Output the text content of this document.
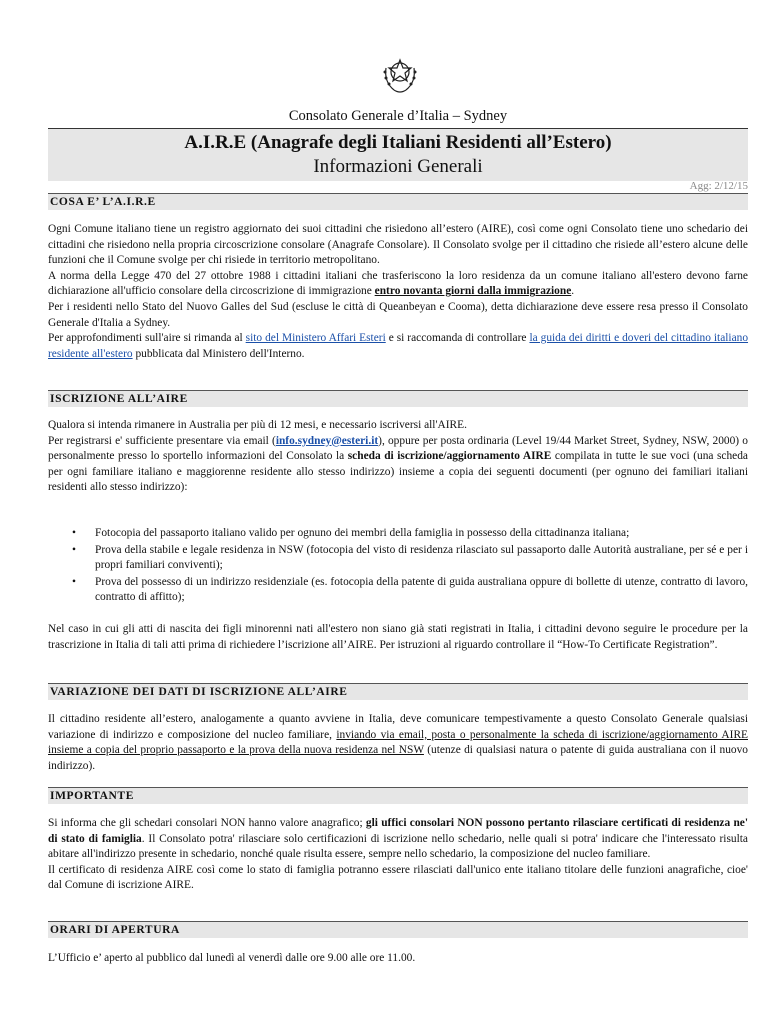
Consolato Generale d’Italia – Sydney
A.I.R.E (Anagrafe degli Italiani Residenti all’Estero)
Informazioni Generali
Agg: 2/12/15
COSA E’ L’A.I.R.E

Ogni Comune italiano tiene un registro aggiornato dei suoi cittadini che risiedono all’estero (AIRE), così come ogni Consolato tiene uno schedario dei cittadini che risiedono nella propria circoscrizione consolare (Anagrafe Consolare). Il Consolato svolge per il cittadino che risiede all’estero alcune delle funzioni che il Comune svolge per chi risiede in territorio metropolitano.

A norma della Legge 470 del 27 ottobre 1988 i cittadini italiani che trasferiscono la loro residenza da un comune italiano all'estero devono farne dichiarazione all'ufficio consolare della circoscrizione di immigrazione entro novanta giorni dalla immigrazione.

Per i residenti nello Stato del Nuovo Galles del Sud (escluse le città di Queanbeyan e Cooma), detta dichiarazione deve essere resa presso il Consolato Generale d'Italia a Sydney.

Per approfondimenti sull'aire si rimanda al sito del Ministero Affari Esteri e si raccomanda di controllare la guida dei diritti e doveri del cittadino italiano residente all'estero pubblicata dal Ministero dell'Interno.

ISCRIZIONE ALL’AIRE

Qualora si intenda rimanere in Australia per più di 12 mesi, e necessario iscriversi all'AIRE.

Per registrarsi e' sufficiente presentare via email (info.sydney@esteri.it), oppure per posta ordinaria (Level 19/44 Market Street, Sydney, NSW, 2000) o personalmente presso lo sportello informazioni del Consolato la scheda di iscrizione/aggiornamento AIRE compilata in tutte le sue voci (una scheda per ogni familiare italiano e maggiorenne residente allo stesso indirizzo) insieme a copia dei seguenti documenti (per ognuno dei familiari italiani residenti allo stesso indirizzo):

• Fotocopia del passaporto italiano valido per ognuno dei membri della famiglia in possesso della cittadinanza italiana;
• Prova della stabile e legale residenza in NSW (fotocopia del visto di residenza rilasciato sul passaporto dalle Autorità australiane, per sé e per i propri familiari conviventi);
• Prova del possesso di un indirizzo residenziale (es. fotocopia della patente di guida australiana oppure di bollette di utenze, contratto di lavoro, contratto di affitto);
Nel caso in cui gli atti di nascita dei figli minorenni nati all'estero non siano già stati registrati in Italia, i cittadini devono seguire le procedure per la trascrizione in Italia di tali atti prima di richiedere l’iscrizione all’AIRE. Per istruzioni al riguardo controllare il “How-To Certificate Registration”.
VARIAZIONE DEI DATI DI ISCRIZIONE ALL’AIRE

Il cittadino residente all’estero, analogamente a quanto avviene in Italia, deve comunicare tempestivamente a questo Consolato Generale qualsiasi variazione di indirizzo e composizione del nucleo familiare, inviando via email, posta o personalmente la scheda di iscrizione/aggiornamento AIRE insieme a copia del proprio passaporto e la prova della nuova residenza nel NSW (utenze di qualsiasi natura o patente di guida australiana con il nuovo indirizzo).

IMPORTANTE

Si informa che gli schedari consolari NON hanno valore anagrafico; gli uffici consolari NON possono pertanto rilasciare certificati di residenza ne' di stato di famiglia. Il Consolato potra' rilasciare solo certificazioni di iscrizione nello schedario, nelle quali si potra' indicare che l'interessato risulta abitare all'indirizzo presente in schedario, nonché quale risulta essere, sempre nello schedario, la composizione del nucleo familiare.

Il certificato di residenza AIRE così come lo stato di famiglia potranno essere rilasciati dall'unico ente italiano titolare delle funzioni anagrafiche, cioe' dal Comune di iscrizione AIRE.

ORARI DI APERTURA
L’Ufficio e’ aperto al pubblico dal lunedì al venerdì dalle ore 9.00 alle ore 11.00.
